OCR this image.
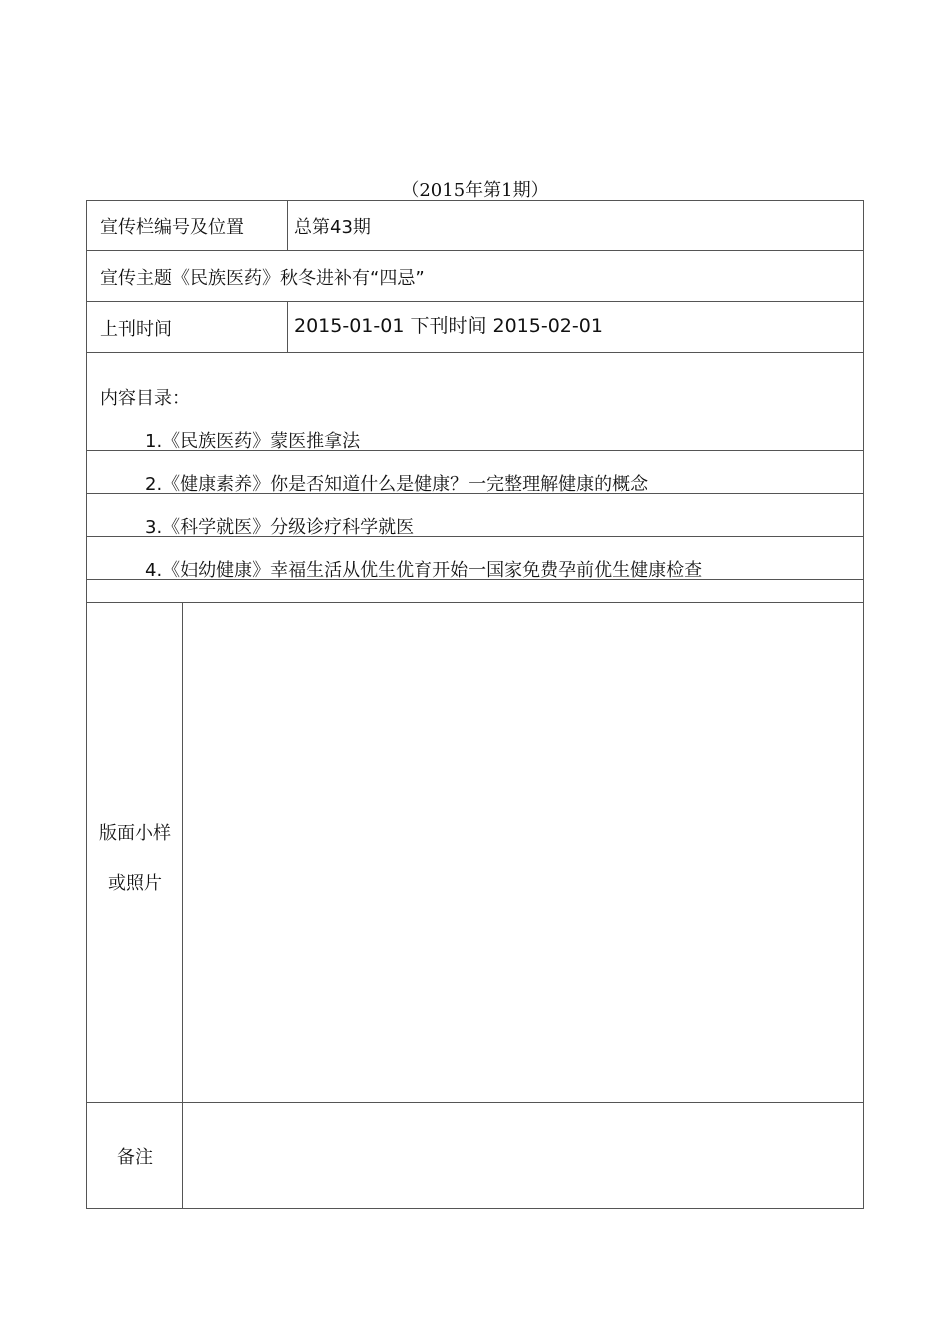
（2015年第1期）
宣传栏编号及位置	总第43期
宣传主题《民族医药》秋冬进补有“四忌”
上刊时间	2015-01-01 下刊时间 2015-02-01
内容目录：
1.《民族医药》蒙医推拿法
2.《健康素养》你是否知道什么是健康？一完整理解健康的概念
3.《科学就医》分级诊疗科学就医
4.《妇幼健康》幸福生活从优生优育开始一国家免费孕前优生健康检查
版面小样
或照片
备注
